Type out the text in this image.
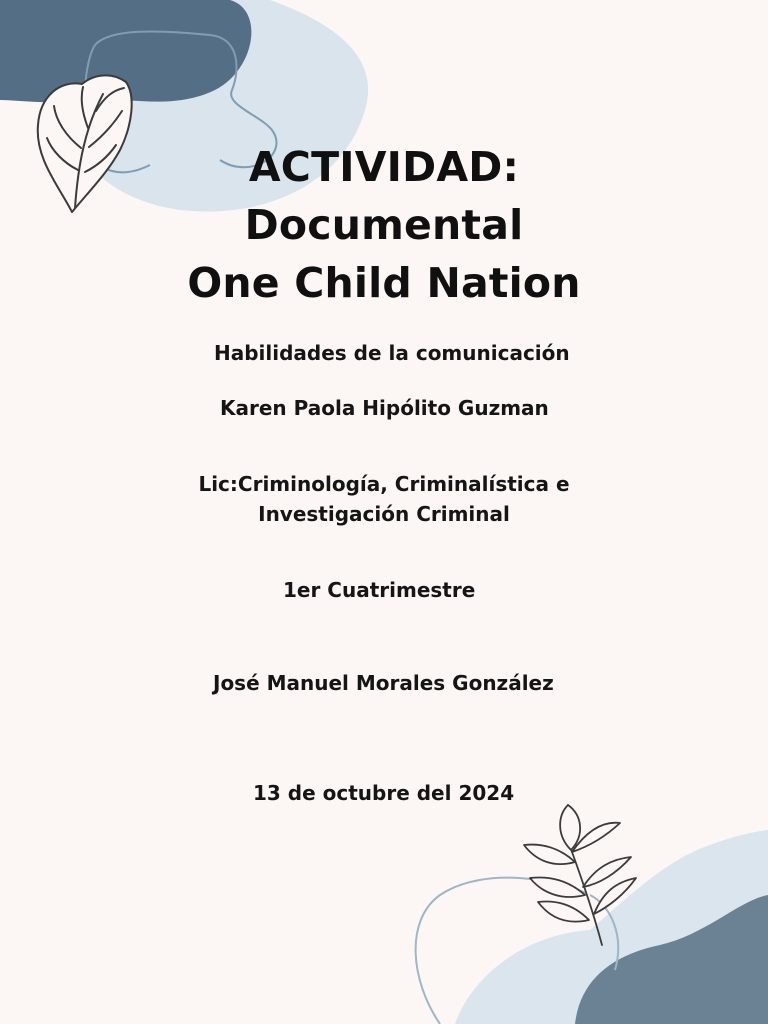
ACTIVIDAD:
Documental
One Child Nation
Habilidades de la comunicación
Karen Paola Hipólito Guzman
Lic:Criminología, Criminalística e
Investigación Criminal
1er Cuatrimestre
José Manuel Morales González
13 de octubre del 2024
